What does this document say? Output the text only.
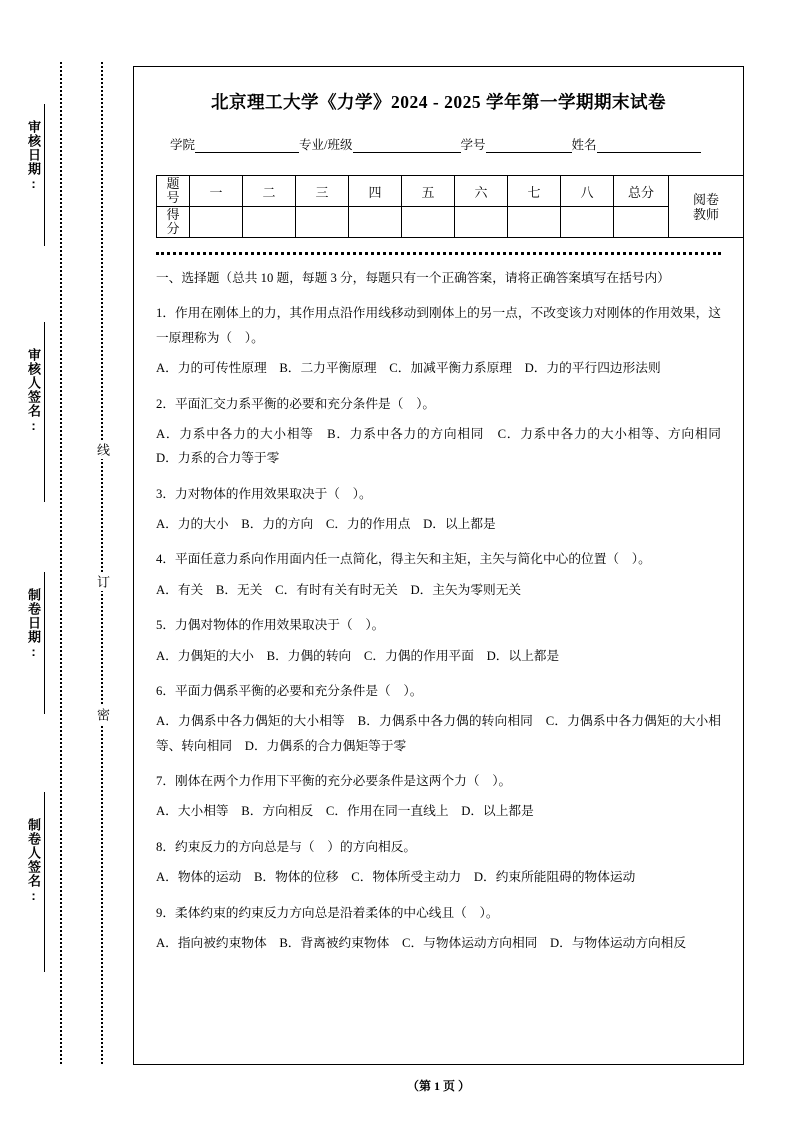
审核日期:
审核人签名:
制卷日期:
制卷人签名:
线
订
密
北京理工大学《力学》2024 - 2025 学年第一学期期末试卷
学院	专业/班级	学号	姓名
题
号	一	二	三	四	五	六	七	八	总分	阅卷
教师

得
分										

一、选择题（总共 10 题，每题 3 分，每题只有一个正确答案，请将正确答案填写在括号内）

1．作用在刚体上的力，其作用点沿作用线移动到刚体上的另一点，不改变该力对刚体的作用效果，这一原理称为（　）。

A．力的可传性原理　B．二力平衡原理　C．加减平衡力系原理　D．力的平行四边形法则

2．平面汇交力系平衡的必要和充分条件是（　）。

A．力系中各力的大小相等　B．力系中各力的方向相同　C．力系中各力的大小相等、方向相同　D．力系的合力等于零

3．力对物体的作用效果取决于（　）。

A．力的大小　B．力的方向　C．力的作用点　D．以上都是

4．平面任意力系向作用面内任一点简化，得主矢和主矩，主矢与简化中心的位置（　）。

A．有关　B．无关　C．有时有关有时无关　D．主矢为零则无关

5．力偶对物体的作用效果取决于（　）。

A．力偶矩的大小　B．力偶的转向　C．力偶的作用平面　D．以上都是

6．平面力偶系平衡的必要和充分条件是（　）。

A．力偶系中各力偶矩的大小相等　B．力偶系中各力偶的转向相同　C．力偶系中各力偶矩的大小相等、转向相同　D．力偶系的合力偶矩等于零

7．刚体在两个力作用下平衡的充分必要条件是这两个力（　）。

A．大小相等　B．方向相反　C．作用在同一直线上　D．以上都是

8．约束反力的方向总是与（　）的方向相反。

A．物体的运动　B．物体的位移　C．物体所受主动力　D．约束所能阻碍的物体运动

9．柔体约束的约束反力方向总是沿着柔体的中心线且（　）。

A．指向被约束物体　B．背离被约束物体　C．与物体运动方向相同　D．与物体运动方向相反

（第 1 页 ）
